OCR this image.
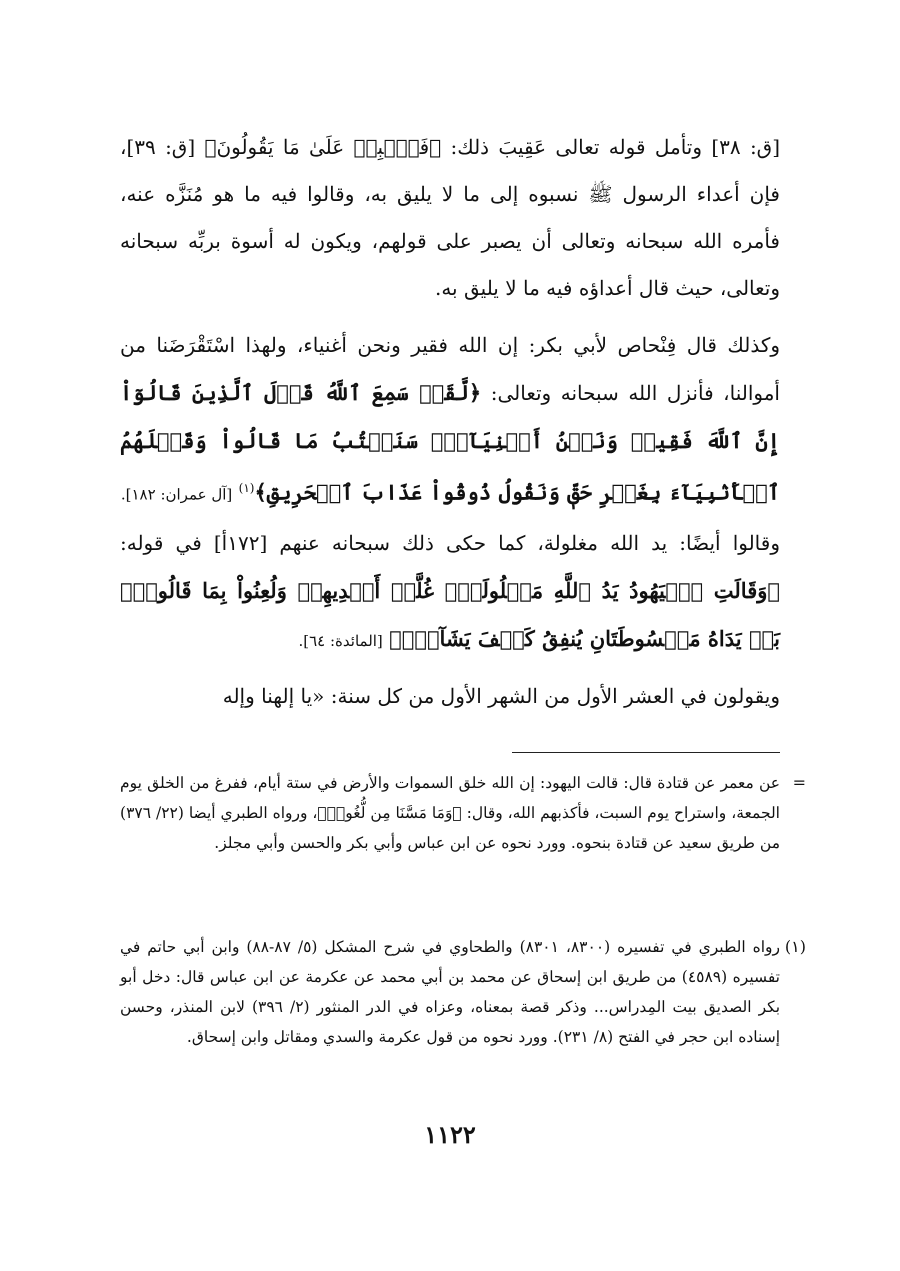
[ق: ٣٨] وتأمل قوله تعالى عَقِيبَ ذلك: ﴿فَٱصۡبِرۡ عَلَىٰ مَا يَقُولُونَ﴾ [ق: ٣٩]، فإن أعداء الرسول ﷺ نسبوه إلى ما لا يليق به، وقالوا فيه ما هو مُنَزَّه عنه، فأمره الله سبحانه وتعالى أن يصبر على قولهم، ويكون له أسوة بربِّه سبحانه وتعالى، حيث قال أعداؤه فيه ما لا يليق به.

وكذلك قال فِنْحاص لأبي بكر: إن الله فقير ونحن أغنياء، ولهذا اسْتَقْرَضَنا من أموالنا، فأنزل الله سبحانه وتعالى: ﴿لَّقَدۡ سَمِعَ ٱللَّهُ قَوۡلَ ٱلَّذِينَ قَالُوٓاْ إِنَّ ٱللَّهَ فَقِيرٞ وَنَحۡنُ أَغۡنِيَآءُۘ سَنَكۡتُبُ مَا قَالُواْ وَقَتۡلَهُمُ ٱلۡأَنۢبِيَآءَ بِغَيۡرِ حَقّٖ وَنَقُولُ ذُوقُواْ عَذَابَ ٱلۡحَرِيقِ﴾$^{(١)}$ [آل عمران: ١٨٢].

وقالوا أيضًا: يد الله مغلولة، كما حكى ذلك سبحانه عنهم [١٧٢أ] في قوله: ﴿وَقَالَتِ ٱلۡيَهُودُ يَدُ ٱللَّهِ مَغۡلُولَةٌۚ غُلَّتۡ أَيۡدِيهِمۡ وَلُعِنُواْ بِمَا قَالُواْۘ بَلۡ يَدَاهُ مَبۡسُوطَتَانِ يُنفِقُ كَيۡفَ يَشَآءُۚ﴾ [المائدة: ٦٤].

ويقولون في العشر الأول من الشهر الأول من كل سنة: «يا إلهنا وإله

=

عن معمر عن قتادة قال: قالت اليهود: إن الله خلق السموات والأرض في ستة أيام، ففرغ من الخلق يوم الجمعة، واستراح يوم السبت، فأكذبهم الله، وقال: ﴿وَمَا مَسَّنَا مِن لُّغُوبٖ﴾، ورواه الطبري أيضا (٢٢/ ٣٧٦) من طريق سعيد عن قتادة بنحوه. وورد نحوه عن ابن عباس وأبي بكر والحسن وأبي مجلز.

(١)

رواه الطبري في تفسيره (٨٣٠٠، ٨٣٠١) والطحاوي في شرح المشكل (٥/ ٨٧-٨٨) وابن أبي حاتم في تفسيره (٤٥٨٩) من طريق ابن إسحاق عن محمد بن أبي محمد عن عكرمة عن ابن عباس قال: دخل أبو بكر الصديق بيت المِدراس... وذكر قصة بمعناه، وعزاه في الدر المنثور (٢/ ٣٩٦) لابن المنذر، وحسن إسناده ابن حجر في الفتح (٨/ ٢٣١). وورد نحوه من قول عكرمة والسدي ومقاتل وابن إسحاق.

١١٢٢
